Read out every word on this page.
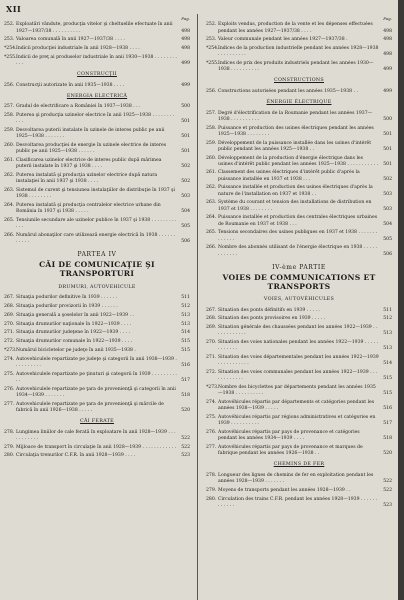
XII
Pag.
252. Exploatări vândute, producţia vitelor şi cheltuelile efectuate în anii 1927—1937/38 . . . . . . . . . .	498
253. Valoarea comunală în anii 1927—1937/38 . . . .	498
*254. Indicii producţiei industriale în anii 1928—1938 . . . .	498
*255. Indicii de preţ ai produselor industriale în anii 1930—1938 . . . . . . . . . . .	499
CONSTRUCŢII
256. Construcţii autorizate în anii 1935—1938 . . . .	499
ENERGIA ELECTRICĂ
257. Gradul de electrificare a României în 1937—1938 . . .	500
258. Puterea şi producţia uzinelor electrice în anii 1925—1938 . . . . . . . . . . .	501
259. Desvoltarea puterii instalate în uzinele de interes public pe anii 1925—1938 . . . . . . .	501
260. Desvoltarea producţiei de energie în uzinele electrice de interes public pe anii 1925—1938 . . . . . .	501
261. Clasificarea uzinelor electrice de interes public după mărimea puterii instalate în 1937 şi 1938 . . . .	502
262. Puterea instalată şi producţia uzinelor electrice după natura instalaţiei în anii 1937 şi 1938 . . . .	502
263. Sistemul de curent şi tensiunea instalaţiilor de distribuţie în 1937 şi 1938 . . . . . . . .	503
264. Puterea instalată şi producţia centralelor electrice urbane din România în 1937 şi 1938 . . . . .	504
265. Tensiunile secundare ale uzinelor publice în 1937 şi 1938 . . . . . . . . . . . .	505
266. Numărul abonaţilor care utilizează energie electrică în 1938 . . . . . . . . . . .	506
PARTEA IV
CĂI DE COMUNICAŢIE ŞI TRANSPORTURI
DRUMURI, AUTOVEHICULE
267. Situaţia podurilor definitive în 1939 . . . . . .	511
268. Situaţia podurilor provizorii în 1939 . . . . . .	512
269. Situaţia generală a şoselelor în anii 1922—1939 . .	513
270. Situaţia drumurilor naţionale în 1922—1939 . . . .	513
271. Situaţia drumurilor judeţene în 1922—1939 . . . .	514
272. Situaţia drumurilor comunale în 1922—1939 . . . .	515
*273. Numărul bicicletelor pe judeţe în anii 1935—1938 .	515
274. Autovehiculele repartizate pe judeţe şi categorii în anii 1938—1939 . . . . . . . . . .	516
275. Autovehiculele repartizate pe ţinuturi şi categorii în 1939 . . . . . . . . . . .	517
276. Autovehiculele repartizate pe ţara de provenienţă şi categorii în anii 1934—1939 . . . . . . .	518
277. Autovehiculele repartizate pe ţara de provenienţă şi mărcile de fabrică în anii 1926—1938 . . . . .	520
CĂI FERATE
278. Lungimea liniilor de cale ferată în exploatare în anii 1928—1939 . . . . . . . . . . .	522
279. Mijloace de transport în circulaţie în anii 1928—1939 . . . . . . . . . . . .	522
280. Circulaţia trenurilor C.F.R. în anii 1928—1939 . . . .	523
Pag.
252. Exploits vendus, production de la vente et les dépenses effectuées pendant les années 1927—1937/38 . . . .	498
253. Valeur communale pendant les années 1927—1937/38 .	498
*254. Indices de la production industrielle pendant les années 1928—1938 . . . . . . . . . .	498
*255. Indices de prix des produits industriels pendant les années 1930—1938 . . . . . . . . . .	499
CONSTRUCTIONS
256. Constructions autorisées pendant les années 1935—1938 . .	499
ÉNERGIE ÉLECTRIQUE
257. Degré d'électrification de la Roumanie pendant les années 1937—1938 . . . . . . . . . .	500
258. Puissance et production des usines électriques pendant les années 1925—1938 . . . . . . . .	501
259. Développement de la puissance installée dans les usines d'intérêt public pendant les années 1925—1938 . .	501
260. Développement de la production d'énergie électrique dans les usines d'intérêt public pendant les années 1925—1938 . . . . . . . . . . .	501
261. Classement des usines électriques d'intérêt public d'après la puissance installée en 1937 et 1938 . . .	502
262. Puissance installée et production des usines électriques d'après la nature de l'installation en 1937 et 1938 . .	503
263. Système du courant et tension des installations de distribution en 1937 et 1938 . . . . . . . .	503
264. Puissance installée et production des centrales électriques urbaines de Roumanie en 1937 et 1938 . . .	504
265. Tensions secondaires des usines publiques en 1937 et 1938 . . . . . . . . . . . . .	505
266. Nombre des abonnés utilisant de l'énergie électrique en 1938 . . . . . . . . . . . .	506
IV-ème PARTIE
VOIES DE COMMUNICATIONS ET TRANSPORTS
VOIES, AUTOVÉHICULES
267. Situation des ponts définitifs en 1939 . . . . .	511
268. Situation des ponts provisoires en 1939 . . . . .	512
269. Situation générale des chaussées pendant les années 1922—1939 . . . . . . . . . . . .	513
270. Situation des voies nationales pendant les années 1922—1939 . . . . . . . . . . . .	513
271. Situation des voies départementales pendant les années 1922—1939 . . . . . . . . . . .	514
272. Situation des voies communales pendant les années 1922—1939 . . . . . . . . . . . .	515
*273. Nombre des bicyclettes par départements pendant les années 1935—1938 . . . . . . . . . .	515
274. Autovéhicules répartis par départements et catégories pendant les années 1938—1939 . . . . .	516
275. Autovéhicules répartis par régions administratives et catégories en 1939 . . . . . . . . . .	517
276. Autovéhicules répartis par pays de provenance et catégories pendant les années 1934—1939 . . . .	518
277. Autovéhicules répartis par pays de provenance et marques de fabrique pendant les années 1926—1938 . .	520
CHEMINS DE FER
278. Longueur des lignes de chemins de fer en exploitation pendant les années 1928—1939 . . . . . . .	522
279. Moyens de transports pendant les années 1928—1939 . .	522
280. Circulation des trains C.F.R. pendant les années 1928—1939 . . . . . . . . . . . .	523
